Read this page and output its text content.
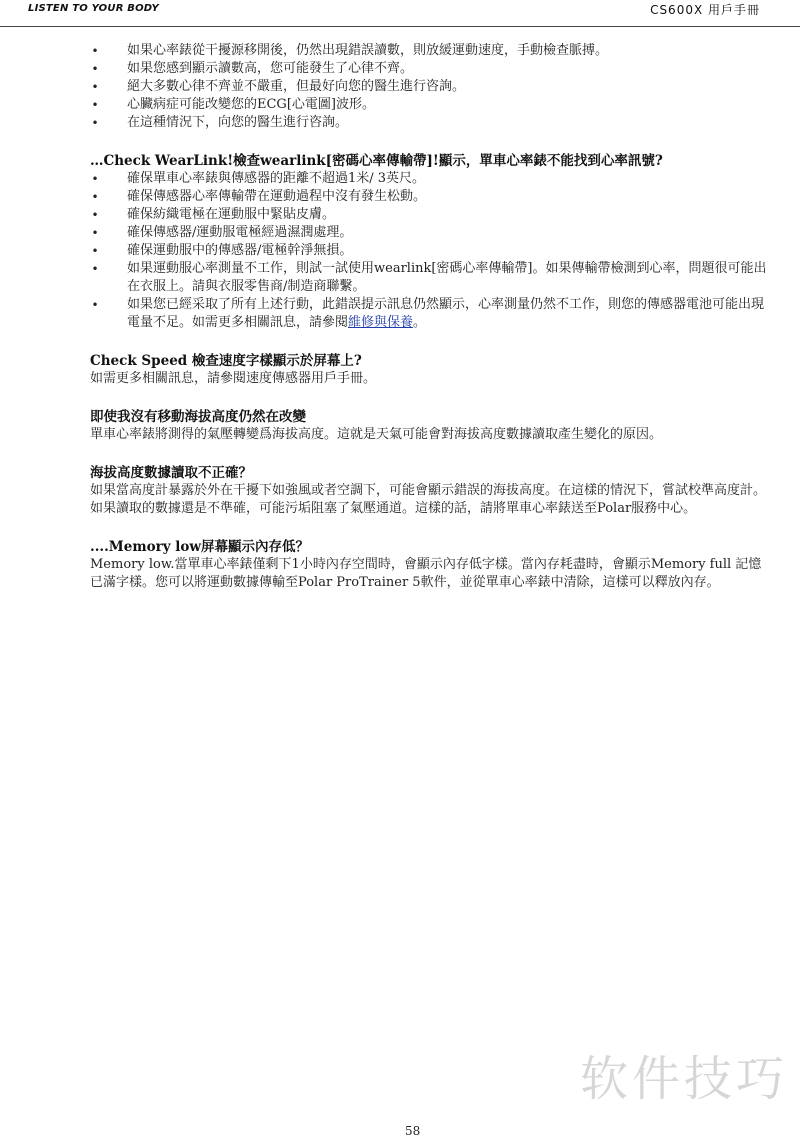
LISTEN TO YOUR BODY	CS600X 用戶手冊
• 如果心率錶從干擾源移開後，仍然出現錯誤讀數，則放緩運動速度，手動檢查脈搏。
• 如果您感到顯示讀數高，您可能發生了心律不齊。
• 絕大多數心律不齊並不嚴重，但最好向您的醫生進行咨詢。
• 心臟病症可能改變您的ECG[心電圖]波形。
• 在這種情況下，向您的醫生進行咨詢。

…Check WearLink!檢查wearlink[密碼心率傳輸帶]!顯示，單車心率錶不能找到心率訊號?

• 確保單車心率錶與傳感器的距離不超過1米/ 3英尺。
• 確保傳感器心率傳輸帶在運動過程中沒有發生松動。
• 確保紡織電極在運動服中緊貼皮膚。
• 確保傳感器/運動服電極經過濕潤處理。
• 確保運動服中的傳感器/電極幹淨無損。
• 如果運動服心率測量不工作，則試一試使用wearlink[密碼心率傳輸帶]。如果傳輸帶檢測到心率，問題很可能出在衣服上。請與衣服零售商/制造商聯繫。
• 如果您已經采取了所有上述行動，此錯誤提示訊息仍然顯示，心率測量仍然不工作，則您的傳感器電池可能出現電量不足。如需更多相關訊息，請參閱維修與保養。

Check Speed 檢查速度字樣顯示於屏幕上?

如需更多相關訊息，請參閱速度傳感器用戶手冊。

即使我沒有移動海拔高度仍然在改變

單車心率錶將測得的氣壓轉變爲海拔高度。這就是天氣可能會對海拔高度數據讀取產生變化的原因。

海拔高度數據讀取不正確？

如果當高度計暴露於外在干擾下如強風或者空調下，可能會顯示錯誤的海拔高度。在這樣的情況下，嘗試校準高度計。如果讀取的數據還是不準確，可能污垢阻塞了氣壓通道。這樣的話，請將單車心率錶送至Polar服務中心。

....Memory low屏幕顯示內存低？

Memory low.當單車心率錶僅剩下1小時內存空間時，會顯示內存低字樣。當內存耗盡時，會顯示Memory full 記憶已滿字樣。您可以將運動數據傳輸至Polar ProTrainer 5軟件，並從單車心率錶中清除，這樣可以釋放內存。

软件技巧
58
